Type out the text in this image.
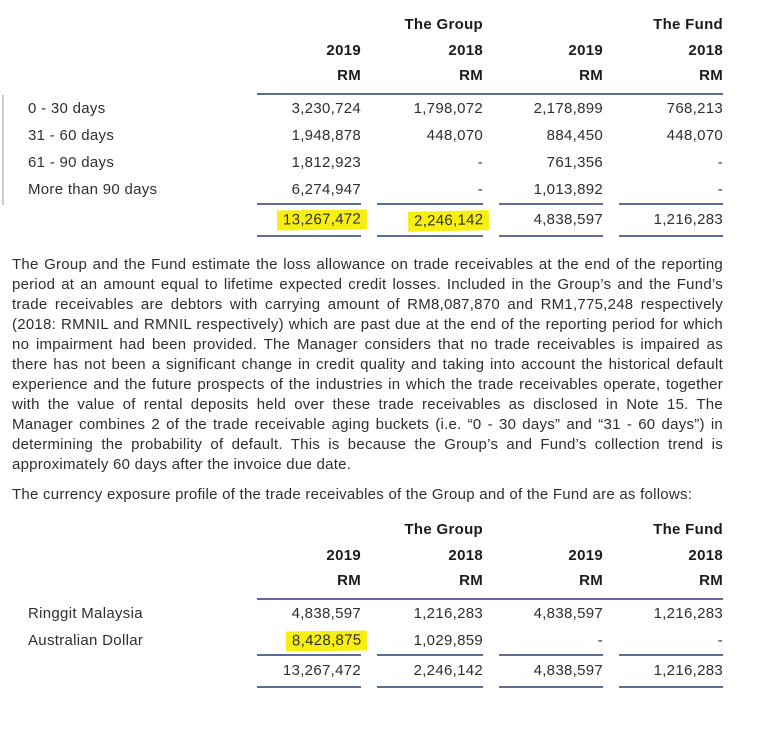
The Group	The Fund
2019	2018	2019	2018
RM	RM	RM	RM
0 - 30 days	3,230,724	1,798,072	2,178,899	768,213
31 - 60 days	1,948,878	448,070	884,450	448,070
61 - 90 days	1,812,923	-	761,356	-
More than 90 days	6,274,947	-	1,013,892	-
13,267,472	2,246,142	4,838,597	1,216,283

The Group and the Fund estimate the loss allowance on trade receivables at the end of the reporting period at an amount equal to lifetime expected credit losses. Included in the Group’s and the Fund’s trade receivables are debtors with carrying amount of RM8,087,870 and RM1,775,248 respectively (2018: RMNIL and RMNIL respectively) which are past due at the end of the reporting period for which no impairment had been provided. The Manager considers that no trade receivables is impaired as there has not been a significant change in credit quality and taking into account the historical default experience and the future prospects of the industries in which the trade receivables operate, together with the value of rental deposits held over these trade receivables as disclosed in Note 15. The Manager combines 2 of the trade receivable aging buckets (i.e. “0 - 30 days” and “31 - 60 days”) in determining the probability of default. This is because the Group’s and Fund’s collection trend is approximately 60 days after the invoice due date.

The currency exposure profile of the trade receivables of the Group and of the Fund are as follows:

The Group	The Fund
2019	2018	2019	2018
RM	RM	RM	RM
Ringgit Malaysia	4,838,597	1,216,283	4,838,597	1,216,283
Australian Dollar	8,428,875	1,029,859	-	-
13,267,472	2,246,142	4,838,597	1,216,283
